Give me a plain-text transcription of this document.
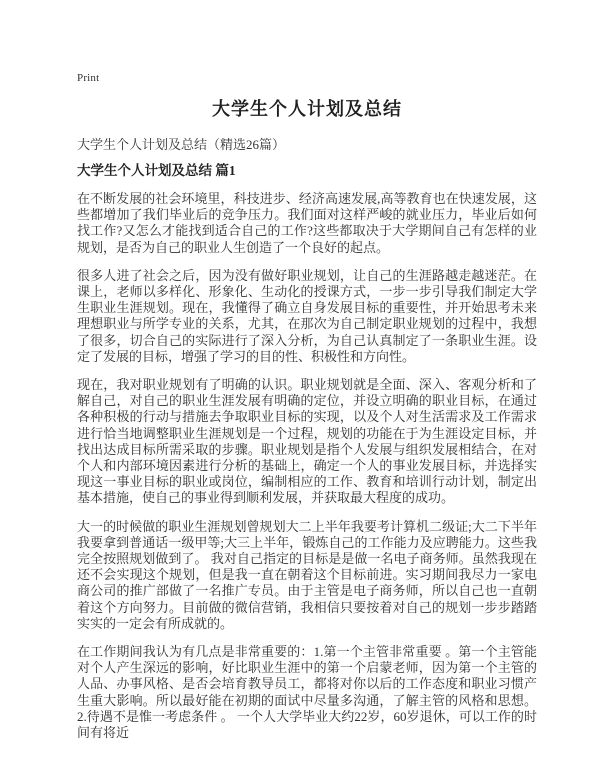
Print
大学生个人计划及总结
大学生个人计划及总结（精选26篇）
大学生个人计划及总结 篇1

在不断发展的社会环境里，科技进步、经济高速发展,高等教育也在快速发展，这些都增加了我们毕业后的竞争压力。我们面对这样严峻的就业压力，毕业后如何找工作?又怎么才能找到适合自己的工作?这些都取决于大学期间自己有怎样的业规划，是否为自己的职业人生创造了一个良好的起点。

很多人进了社会之后，因为没有做好职业规划，让自己的生涯路越走越迷茫。在课上，老师以多样化、形象化、生动化的授课方式，一步一步引导我们制定大学生职业生涯规划。现在，我懂得了确立自身发展目标的重要性，并开始思考未来理想职业与所学专业的关系，尤其，在那次为自己制定职业规划的过程中，我想了很多，切合自己的实际进行了深入分析，为自己认真制定了一条职业生涯。设定了发展的目标，增强了学习的目的性、积极性和方向性。

现在，我对职业规划有了明确的认识。职业规划就是全面、深入、客观分析和了解自己，对自己的职业生涯发展有明确的定位，并设立明确的职业目标，在通过各种积极的行动与措施去争取职业目标的实现，以及个人对生活需求及工作需求进行恰当地调整职业生涯规划是一个过程，规划的功能在于为生涯设定目标，并找出达成目标所需采取的步骤。职业规划是指个人发展与组织发展相结合，在对个人和内部环境因素进行分析的基础上，确定一个人的事业发展目标，并选择实现这一事业目标的职业或岗位，编制相应的工作、教育和培训行动计划，制定出基本措施，使自己的事业得到顺利发展，并获取最大程度的成功。

大一的时候做的职业生涯规划曾规划大二上半年我要考计算机二级证;大二下半年我要拿到普通话一级甲等;大三上半年，锻炼自己的工作能力及应聘能力。这些我完全按照规划做到了。 我对自己指定的目标是是做一名电子商务师。虽然我现在还不会实现这个规划，但是我一直在朝着这个目标前进。实习期间我尽力一家电商公司的推广部做了一名推广专员。由于主管是电子商务师，所以自己也一直朝着这个方向努力。目前做的微信营销，我相信只要按着对自己的规划一步步踏踏实实的一定会有所成就的。

在工作期间我认为有几点是非常重要的：1.第一个主管非常重要 。第一个主管能对个人产生深远的影响，好比职业生涯中的第一个启蒙老师，因为第一个主管的人品、办事风格、是否会培育教导员工，都将对你以后的工作态度和职业习惯产生重大影响。所以最好能在初期的面试中尽量多沟通，了解主管的风格和思想。 2.待遇不是惟一考虑条件 。 一个人大学毕业大约22岁，60岁退休，可以工作的时间有将近
